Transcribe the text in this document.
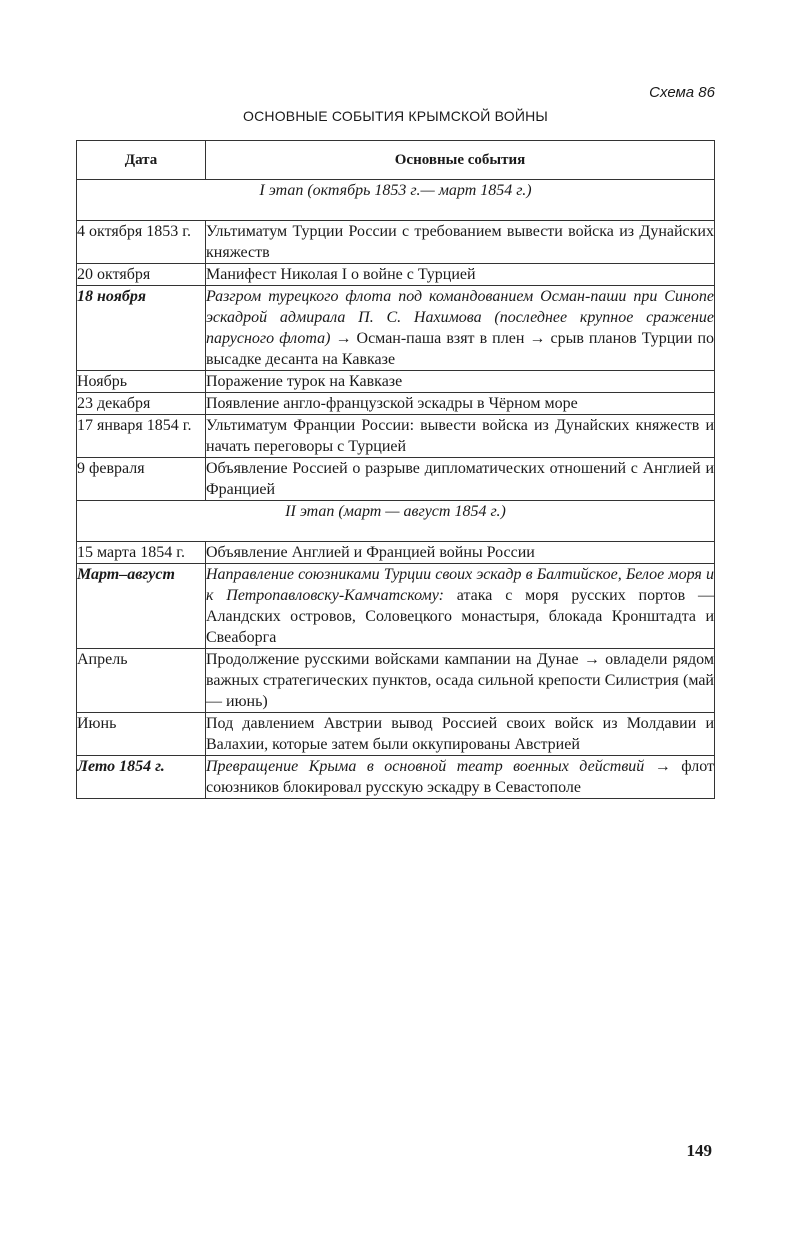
Схема 86
ОСНОВНЫЕ СОБЫТИЯ КРЫМСКОЙ ВОЙНЫ
Дата	Основные события
I этап (октябрь 1853 г.— март 1854 г.)	
4 октября 1853 г.	Ультиматум Турции России с требованием вывести войска из Дунайских княжеств
20 октября	Манифест Николая I о войне с Турцией
18 ноября	Разгром турецкого флота под командованием Осман-паши при Синопе эскадрой адмирала П. С. Нахимова (последнее крупное сражение парусного флота) → Осман-паша взят в плен → срыв планов Турции по высадке десанта на Кавказе
Ноябрь	Поражение турок на Кавказе
23 декабря	Появление англо-французской эскадры в Чёрном море
17 января 1854 г.	Ультиматум Франции России: вывести войска из Дунайских княжеств и начать переговоры с Турцией
9 февраля	Объявление Россией о разрыве дипломатических отношений с Англией и Францией
II этап (март — август 1854 г.)	
15 марта 1854 г.	Объявление Англией и Францией войны России
Март–август	Направление союзниками Турции своих эскадр в Балтийское, Белое моря и к Петропавловску-Камчатскому: атака с моря русских портов — Аландских островов, Соловецкого монастыря, блокада Кронштадта и Свеаборга
Апрель	Продолжение русскими войсками кампании на Дунае → овладели рядом важных стратегических пунктов, осада сильной крепости Силистрия (май — июнь)
Июнь	Под давлением Австрии вывод Россией своих войск из Молдавии и Валахии, которые затем были оккупированы Австрией
Лето 1854 г.	Превращение Крыма в основной театр военных действий → флот союзников блокировал русскую эскадру в Севастополе
149
